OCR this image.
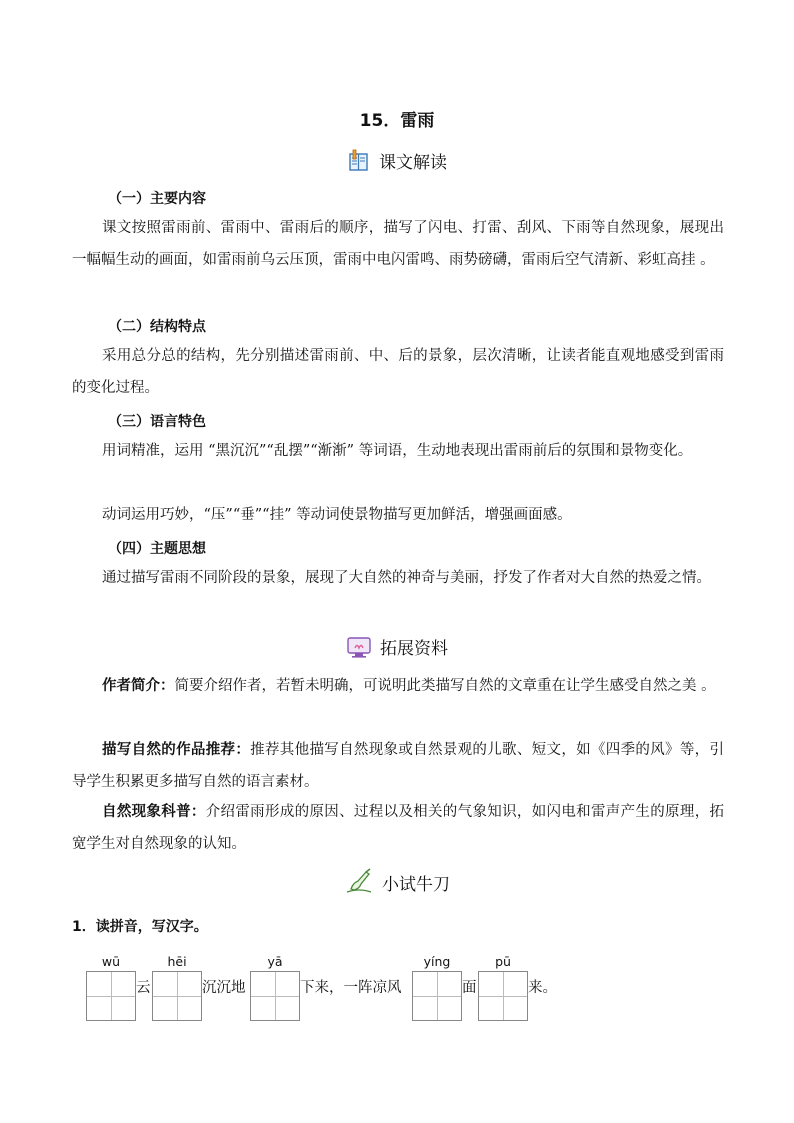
15．雷雨
课文解读
（一）主要内容
课文按照雷雨前、雷雨中、雷雨后的顺序，描写了闪电、打雷、刮风、下雨等自然现象，展现出一幅幅生动的画面，如雷雨前乌云压顶，雷雨中电闪雷鸣、雨势磅礴，雷雨后空气清新、彩虹高挂 。
（二）结构特点
采用总分总的结构，先分别描述雷雨前、中、后的景象，层次清晰，让读者能直观地感受到雷雨的变化过程。
（三）语言特色
用词精准，运用 “黑沉沉”“乱摆”“渐渐” 等词语，生动地表现出雷雨前后的氛围和景物变化。
动词运用巧妙，“压”“垂”“挂” 等动词使景物描写更加鲜活，增强画面感。
（四）主题思想
通过描写雷雨不同阶段的景象，展现了大自然的神奇与美丽，抒发了作者对大自然的热爱之情。
拓展资料
作者简介：简要介绍作者，若暂未明确，可说明此类描写自然的文章重在让学生感受自然之美 。
描写自然的作品推荐：推荐其他描写自然现象或自然景观的儿歌、短文，如《四季的风》等，引导学生积累更多描写自然的语言素材。
自然现象科普：介绍雷雨形成的原因、过程以及相关的气象知识，如闪电和雷声产生的原理，拓宽学生对自然现象的认知。
小试牛刀
1．读拼音，写汉字。
wū	hēi	yā	yíng	pū
云	沉沉地	下来，一阵凉风	面	来。
